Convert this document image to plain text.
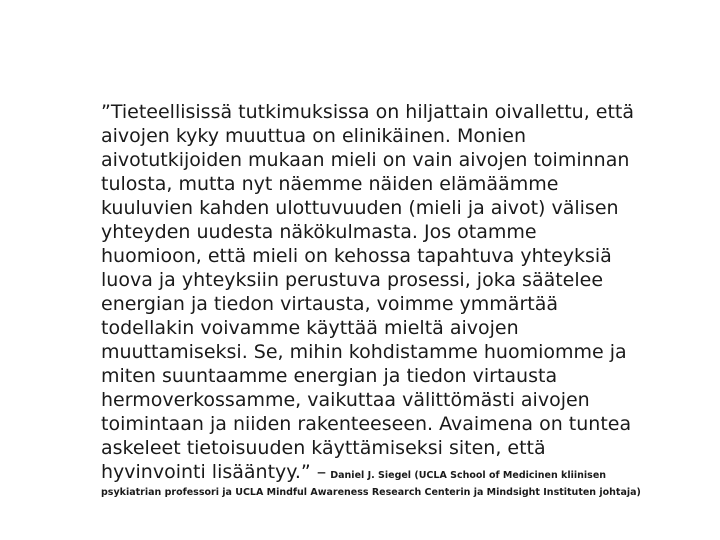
”Tieteellisissä tutkimuksissa on hiljattain oivallettu, että
aivojen kyky muuttua on elinikäinen. Monien
aivotutkijoiden mukaan mieli on vain aivojen toiminnan
tulosta, mutta nyt näemme näiden elämäämme
kuuluvien kahden ulottuvuuden (mieli ja aivot) välisen
yhteyden uudesta näkökulmasta. Jos otamme
huomioon, että mieli on kehossa tapahtuva yhteyksiä
luova ja yhteyksiin perustuva prosessi, joka säätelee
energian ja tiedon virtausta, voimme ymmärtää
todellakin voivamme käyttää mieltä aivojen
muuttamiseksi. Se, mihin kohdistamme huomiomme ja
miten suuntaamme energian ja tiedon virtausta
hermoverkossamme, vaikuttaa välittömästi aivojen
toimintaan ja niiden rakenteeseen. Avaimena on tuntea
askeleet tietoisuuden käyttämiseksi siten, että
hyvinvointi lisääntyy.” – Daniel J. Siegel (UCLA School of Medicinen kliinisen
psykiatrian professori ja UCLA Mindful Awareness Research Centerin ja Mindsight Instituten johtaja)
